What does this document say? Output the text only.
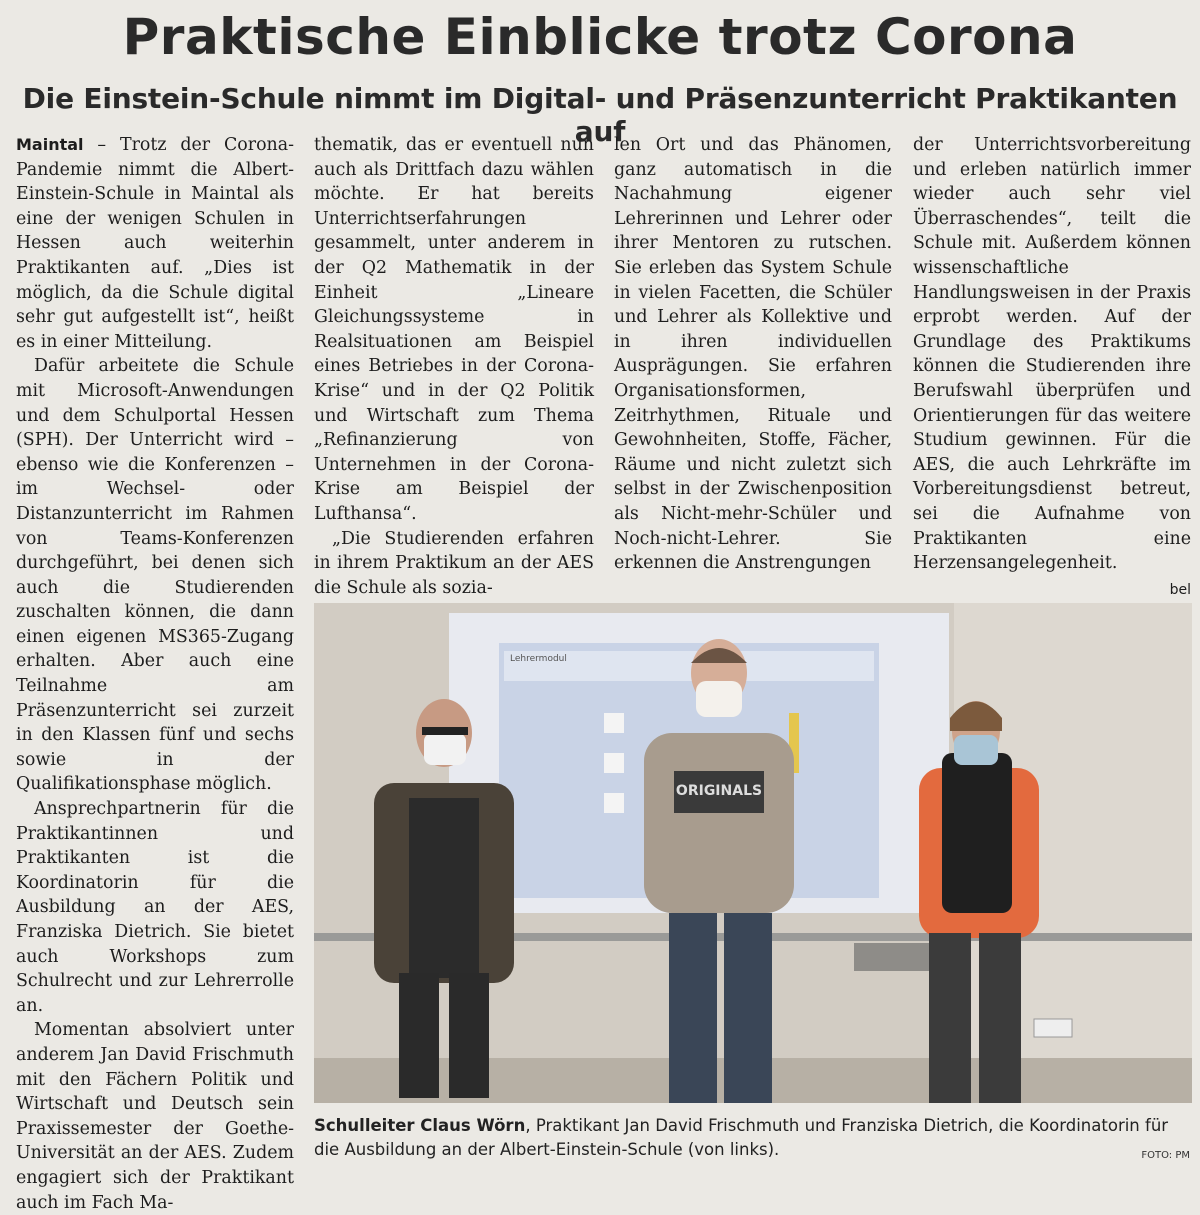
Praktische Einblicke trotz Corona
Die Einstein-Schule nimmt im Digital- und Präsenzunterricht Praktikanten auf

Maintal – Trotz der Corona-Pandemie nimmt die Albert-Einstein-Schule in Maintal als eine der wenigen Schulen in Hessen auch weiterhin Praktikanten auf. „Dies ist möglich, da die Schule digital sehr gut aufgestellt ist“, heißt es in einer Mitteilung.

Dafür arbeitete die Schule mit Microsoft-Anwendungen und dem Schulportal Hessen (SPH). Der Unterricht wird – ebenso wie die Konferenzen – im Wechsel- oder Distanzunterricht im Rahmen von Teams-Konferenzen durchgeführt, bei denen sich auch die Studierenden zuschalten können, die dann einen eigenen MS365-Zugang erhalten. Aber auch eine Teilnahme am Präsenzunterricht sei zurzeit in den Klassen fünf und sechs sowie in der Qualifikationsphase möglich.

Ansprechpartnerin für die Praktikantinnen und Praktikanten ist die Koordinatorin für die Ausbildung an der AES, Franziska Dietrich. Sie bietet auch Workshops zum Schulrecht und zur Lehrerrolle an.

Momentan absolviert unter anderem Jan David Frischmuth mit den Fächern Politik und Wirtschaft und Deutsch sein Praxissemester der Goethe-Universität an der AES. Zudem engagiert sich der Praktikant auch im Fach Ma-

thematik, das er eventuell nun auch als Drittfach dazu wählen möchte. Er hat bereits Unterrichtserfahrungen gesammelt, unter anderem in der Q2 Mathematik in der Einheit „Lineare Gleichungssysteme in Realsituationen am Beispiel eines Betriebes in der Corona-Krise“ und in der Q2 Politik und Wirtschaft zum Thema „Refinanzierung von Unternehmen in der Corona-Krise am Beispiel der Lufthansa“.

„Die Studierenden erfahren in ihrem Praktikum an der AES die Schule als sozia-

len Ort und das Phänomen, ganz automatisch in die Nachahmung eigener Lehrerinnen und Lehrer oder ihrer Mentoren zu rutschen. Sie erleben das System Schule in vielen Facetten, die Schüler und Lehrer als Kollektive und in ihren individuellen Ausprägungen. Sie erfahren Organisationsformen, Zeitrhythmen, Rituale und Gewohnheiten, Stoffe, Fächer, Räume und nicht zuletzt sich selbst in der Zwischenposition als Nicht-mehr-Schüler und Noch-nicht-Lehrer. Sie erkennen die Anstrengungen

der Unterrichtsvorbereitung und erleben natürlich immer wieder auch sehr viel Überraschendes“, teilt die Schule mit. Außerdem können wissenschaftliche Handlungsweisen in der Praxis erprobt werden. Auf der Grundlage des Praktikums können die Studierenden ihre Berufswahl überprüfen und Orientierungen für das weitere Studium gewinnen. Für die AES, die auch Lehrkräfte im Vorbereitungsdienst betreut, sei die Aufnahme von Praktikanten eine Herzensangelegenheit.

bel
Lehrermodul
ORIGINALS
Schulleiter Claus Wörn, Praktikant Jan David Frischmuth und Franziska Dietrich, die Koordinatorin für die Ausbildung an der Albert-Einstein-Schule (von links).	FOTO: PM
